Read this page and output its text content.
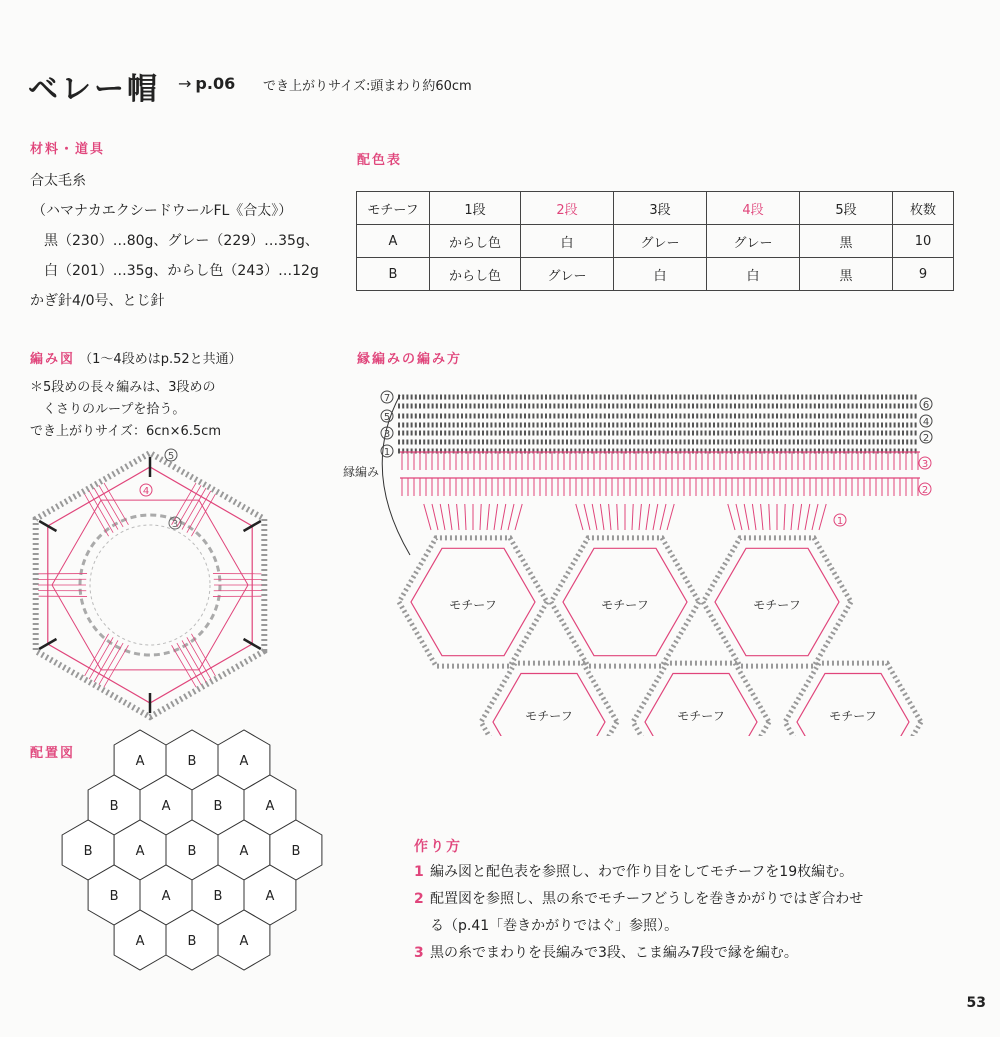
ベレー帽 → p.06 でき上がりサイズ:頭まわり約60cm
材料・道具
合太毛糸
（ハマナカエクシードウールFL《合太》）
黒（230）…80g、グレー（229）…35g、
白（201）…35g、からし色（243）…12g
かぎ針4/0号、とじ針
配色表
モチーフ	1段	2段	3段	4段	5段	枚数
A	からし色	白	グレー	グレー	黒	10
B	からし色	グレー	白	白	黒	9
編み図 （1～4段めはp.52と共通）
＊5段めの長々編みは、3段めの
　くさりのループを拾う。
でき上がりサイズ：6cn×6.5cm
5
4
3
配置図
A	B	A
B	A	B	A
B	A	B	A	B
B	A	B	A
A	B	A
縁編みの編み方
縁編み
7
5
3
1
6
4
2
3
2
1
モチーフ	モチーフ	モチーフ
モチーフ	モチーフ	モチーフ
作り方
1 編み図と配色表を参照し、わで作り目をしてモチーフを19枚編む。
2 配置図を参照し、黒の糸でモチーフどうしを巻きかがりではぎ合わせ
る（p.41「巻きかがりではぐ」参照）。
3 黒の糸でまわりを長編みで3段、こま編み7段で縁を編む。
53
